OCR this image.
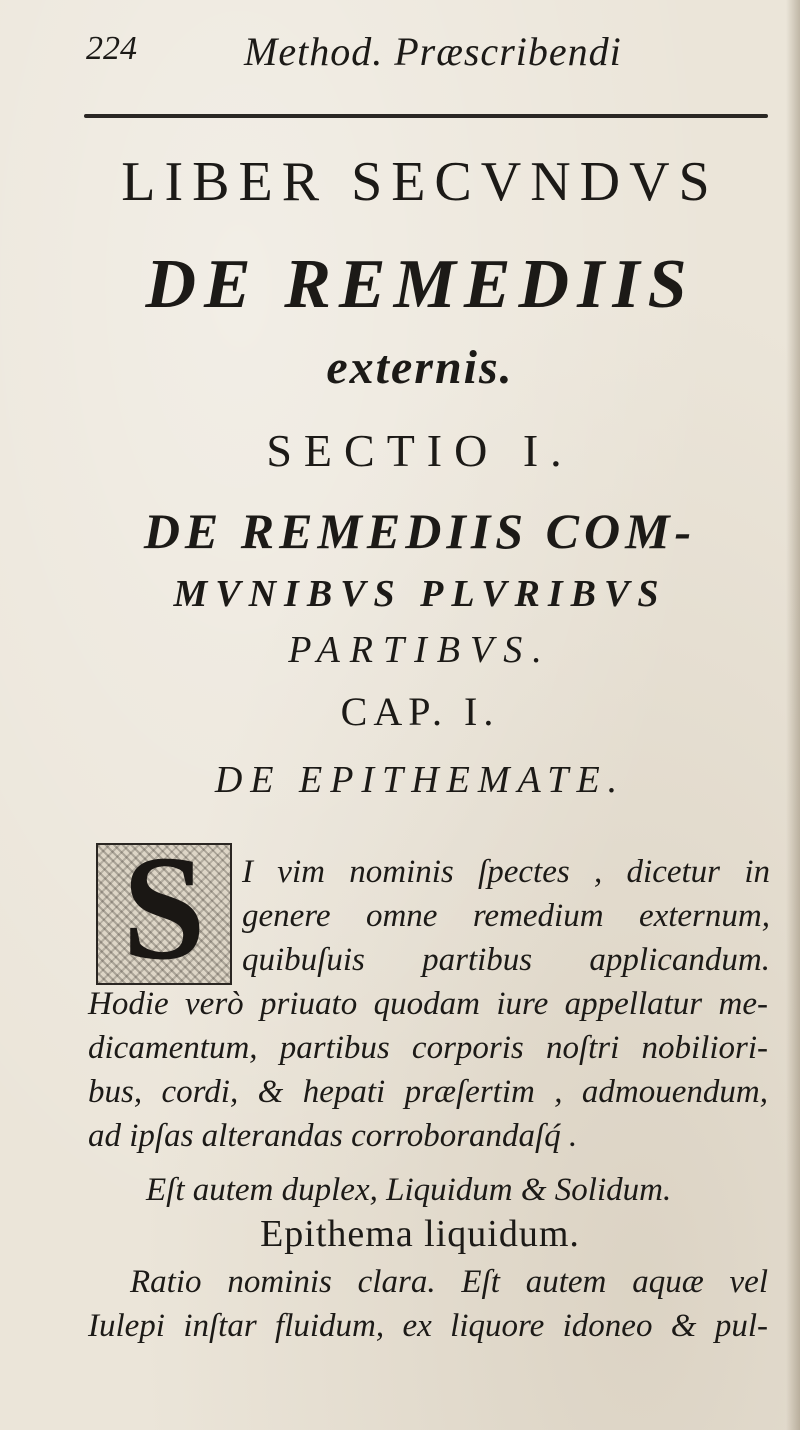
224	Method. Præscribendi
LIBER SECVNDVS
DE REMEDIIS
externis.
SECTIO I.
DE REMEDIIS COM-
MVNIBVS PLVRIBVS
PARTIBVS.
CAP. I.
DE EPITHEMATE.
S	I vim nominis ſpectes , dicetur in
genere omne remedium externum,
quibuſuis partibus applicandum.
Hodie verò priuato quodam iure appellatur me-
dicamentum, partibus corporis noſtri nobiliori-
bus, cordi, & hepati præſertim , admouendum,
ad ipſas alterandas corroborandaſq́ .
Eſt autem duplex, Liquidum & Solidum.
Epithema liquidum.
Ratio nominis clara. Eſt autem aquæ vel
Iulepi inſtar fluidum, ex liquore idoneo & pul-
